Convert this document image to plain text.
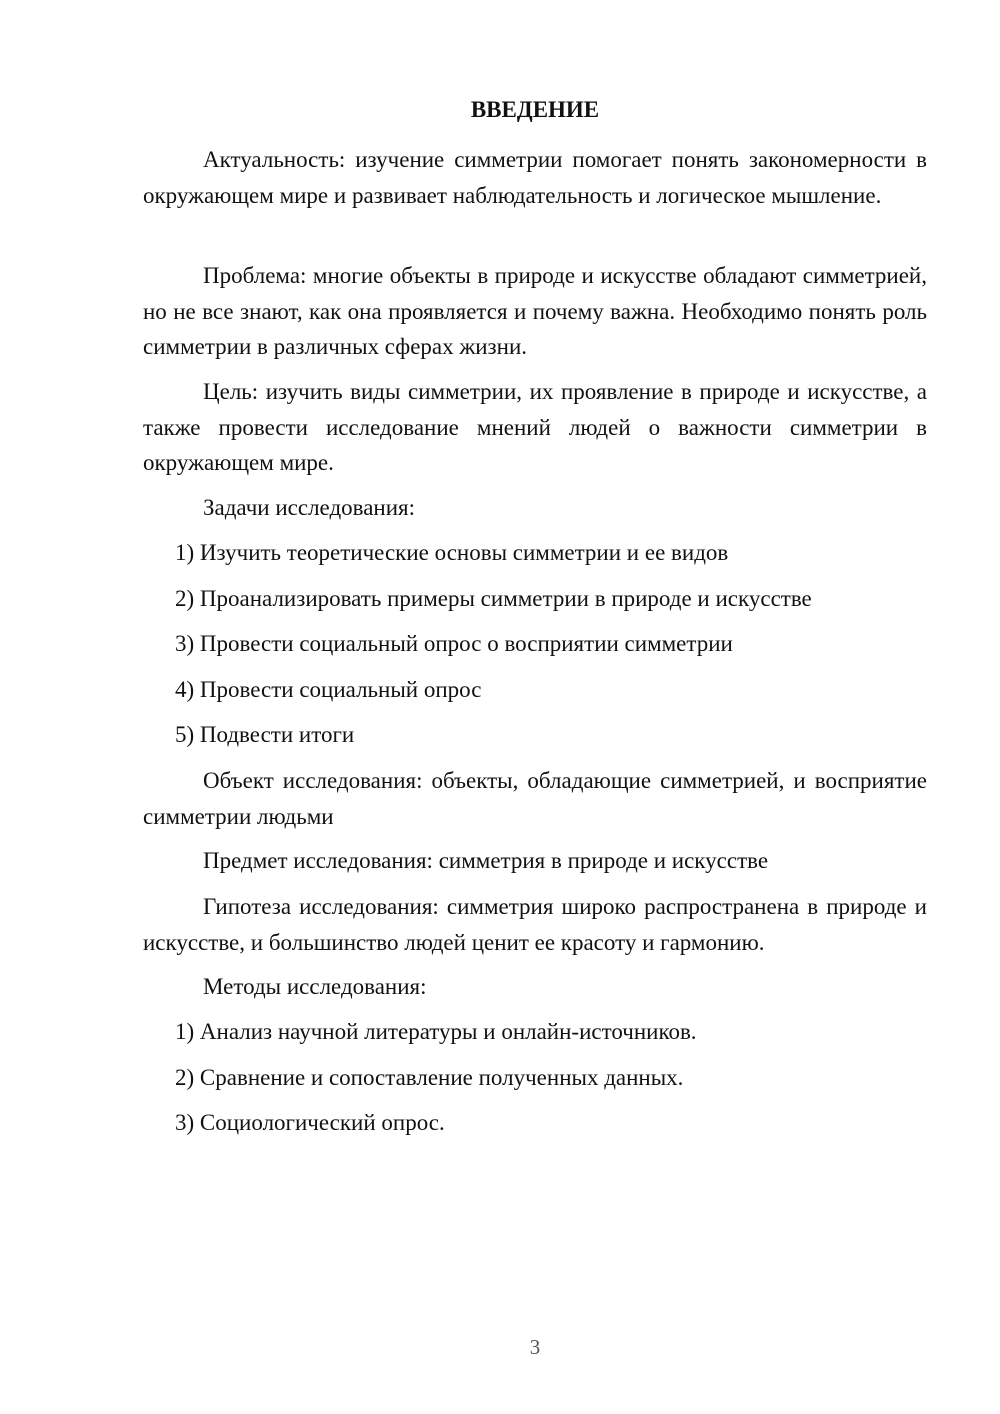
ВВЕДЕНИЕ

Актуальность: изучение симметрии помогает понять закономерности в окружающем мире и развивает наблюдательность и логическое мышление.

Проблема: многие объекты в природе и искусстве обладают симметрией, но не все знают, как она проявляется и почему важна. Необходимо понять роль симметрии в различных сферах жизни.

Цель: изучить виды симметрии, их проявление в природе и искусстве, а также провести исследование мнений людей о важности симметрии в окружающем мире.

Задачи исследования:

1) Изучить теоретические основы симметрии и ее видов

2) Проанализировать примеры симметрии в природе и искусстве

3) Провести социальный опрос о восприятии симметрии

4) Провести социальный опрос

5) Подвести итоги

Объект исследования: объекты, обладающие симметрией, и восприятие симметрии людьми

Предмет исследования: симметрия в природе и искусстве

Гипотеза исследования: симметрия широко распространена в природе и искусстве, и большинство людей ценит ее красоту и гармонию.

Методы исследования:

1) Анализ научной литературы и онлайн-источников.

2) Сравнение и сопоставление полученных данных.

3) Социологический опрос.

3
